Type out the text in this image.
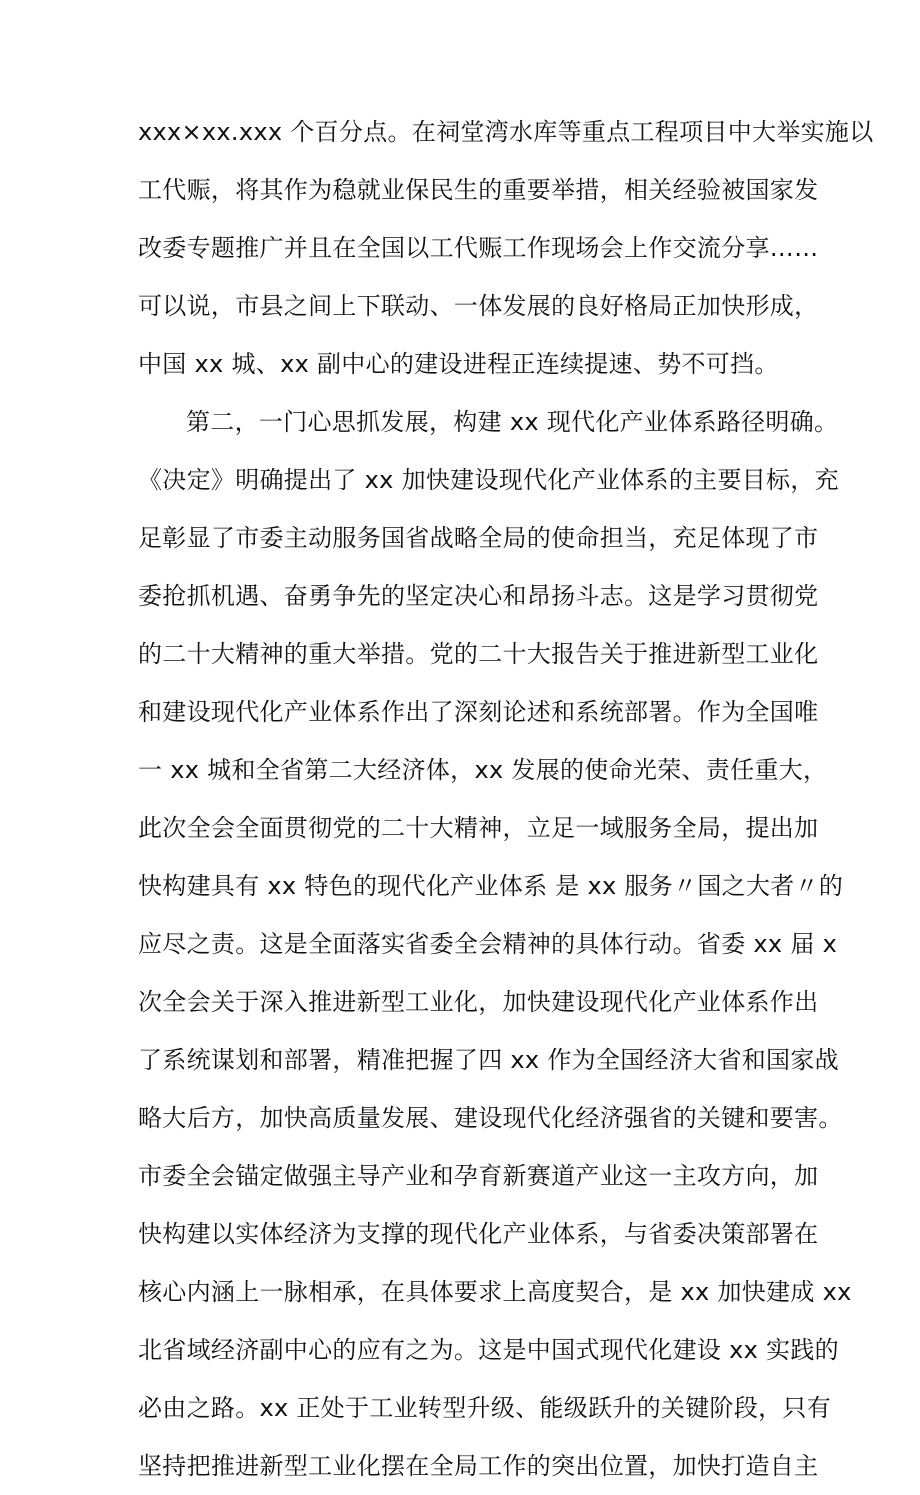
xxx×xx.xxx 个百分点。在祠堂湾水库等重点工程项目中大举实施以
工代赈，将其作为稳就业保民生的重要举措，相关经验被国家发
改委专题推广并且在全国以工代赈工作现场会上作交流分享……
可以说，市县之间上下联动、一体发展的良好格局正加快形成，
中国 xx 城、xx 副中心的建设进程正连续提速、势不可挡。
第二，一门心思抓发展，构建 xx 现代化产业体系路径明确。
《决定》明确提出了 xx 加快建设现代化产业体系的主要目标，充
足彰显了市委主动服务国省战略全局的使命担当，充足体现了市
委抢抓机遇、奋勇争先的坚定决心和昂扬斗志。这是学习贯彻党
的二十大精神的重大举措。党的二十大报告关于推进新型工业化
和建设现代化产业体系作出了深刻论述和系统部署。作为全国唯
一 xx 城和全省第二大经济体，xx 发展的使命光荣、责任重大，
此次全会全面贯彻党的二十大精神，立足一域服务全局，提出加
快构建具有 xx 特色的现代化产业体系 是 xx 服务〃国之大者〃的
应尽之责。这是全面落实省委全会精神的具体行动。省委 xx 届 x
次全会关于深入推进新型工业化，加快建设现代化产业体系作出
了系统谋划和部署，精准把握了四 xx 作为全国经济大省和国家战
略大后方，加快高质量发展、建设现代化经济强省的关键和要害。
市委全会锚定做强主导产业和孕育新赛道产业这一主攻方向，加
快构建以实体经济为支撑的现代化产业体系，与省委决策部署在
核心内涵上一脉相承，在具体要求上高度契合，是 xx 加快建成 xx
北省域经济副中心的应有之为。这是中国式现代化建设 xx 实践的
必由之路。xx 正处于工业转型升级、能级跃升的关键阶段，只有
坚持把推进新型工业化摆在全局工作的突出位置，加快打造自主
